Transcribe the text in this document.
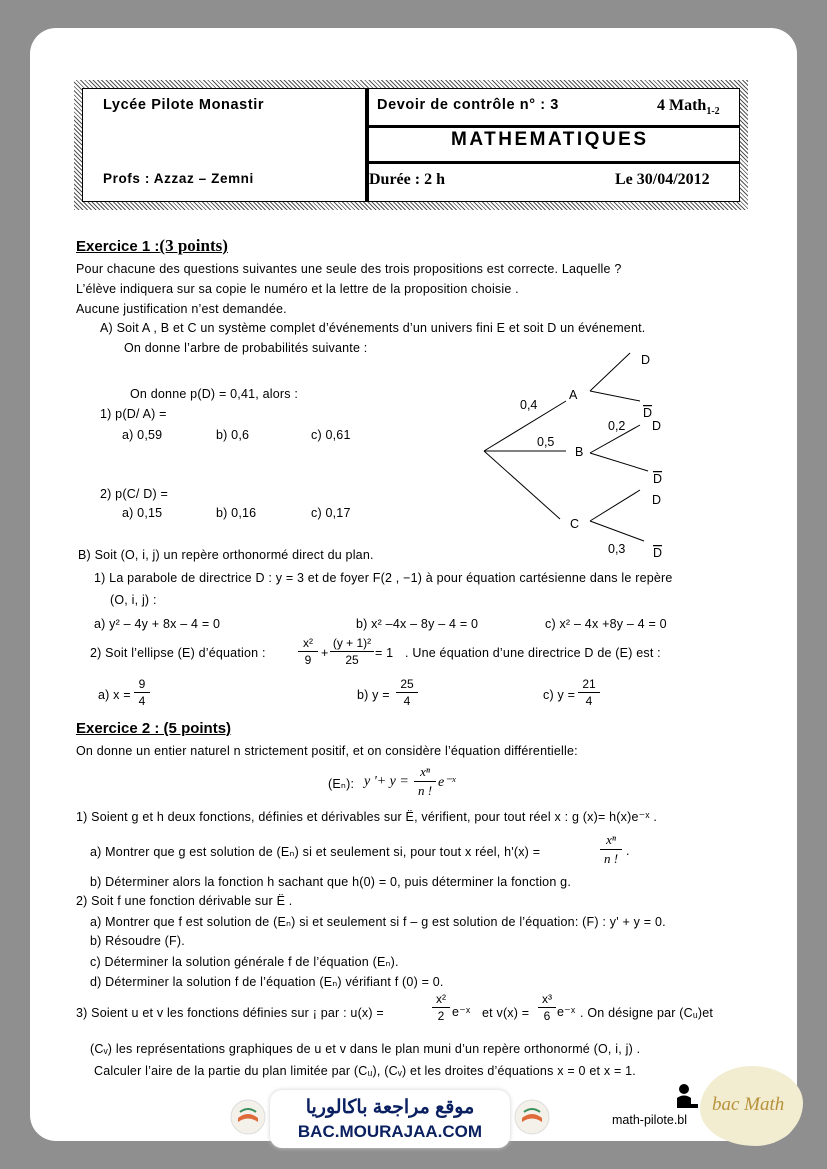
Lycée Pilote Monastir	Devoir de contrôle n° : 3	4 Math$_{1-2}$
MATHEMATIQUES
Profs : Azzaz – Zemni	Durée : 2 h	Le 30/04/2012
Exercice 1 :(3 points)
Pour chacune des questions suivantes une seule des trois propositions est correcte. Laquelle ?
L’élève indiquera sur sa copie le numéro et la lettre de la proposition choisie .
Aucune justification n’est demandée.
A) Soit A , B et C un système complet d’événements d’un univers fini E et soit D un événement.
On donne l’arbre de probabilités suivante :
On donne p(D) = 0,41, alors :
1) p(D/ A) =
a) 0,59	b) 0,6	c) 0,61
2) p(C/ D) =
a) 0,15	b) 0,16	c) 0,17
A
B
C
0,4
0,5
0,2
0,3
D
D
D
D
D
D
B) Soit (O, i, j) un repère orthonormé direct du plan.
1) La parabole de directrice D : y = 3 et de foyer F(2 , −1) à pour équation cartésienne dans le repère
(O, i, j) :
a) y² – 4y + 8x – 4 = 0	b) x² –4x – 8y – 4 = 0	c) x² – 4x +8y – 4 = 0
2) Soit l’ellipse (E) d’équation :
x²
9 +
(y + 1)²
25	= 1 . Une équation d’une directrice D de (E) est :
a) x =
9
4	b) y =
25
4	c) y =
21
4
Exercice 2 : (5 points)
On donne un entier naturel n strictement positif, et on considère l’équation différentielle:
(Eₙ): y '+ y =
xⁿ
n !
e⁻ˣ
1) Soient g et h deux fonctions, définies et dérivables sur Ë, vérifient, pour tout réel x : g (x)= h(x)e⁻ˣ .
a) Montrer que g est solution de (Eₙ) si et seulement si, pour tout x réel, h'(x) =
xⁿ
n ! .
b) Déterminer alors la fonction h sachant que h(0) = 0, puis déterminer la fonction g.
2) Soit f une fonction dérivable sur Ë .
a) Montrer que f est solution de (Eₙ) si et seulement si f – g est solution de l’équation: (F) : y' + y = 0.
b) Résoudre (F).
c) Déterminer la solution générale f de l’équation (Eₙ).
d) Déterminer la solution f de l’équation (Eₙ) vérifiant f (0) = 0.
3) Soient u et v les fonctions définies sur ¡ par : u(x) =
x²
2 e⁻ˣ et v(x) =
x³
6 e⁻ˣ . On désigne par (Cᵤ)et
(Cᵥ) les représentations graphiques de u et v dans le plan muni d’un repère orthonormé (O, i, j) .
Calculer l’aire de la partie du plan limitée par (Cᵤ), (Cᵥ) et les droites d’équations x = 0 et x = 1.
موقع مراجعة باكالوريا
BAC.MOURAJAA.COM
math-pilote.bl
bac Math
